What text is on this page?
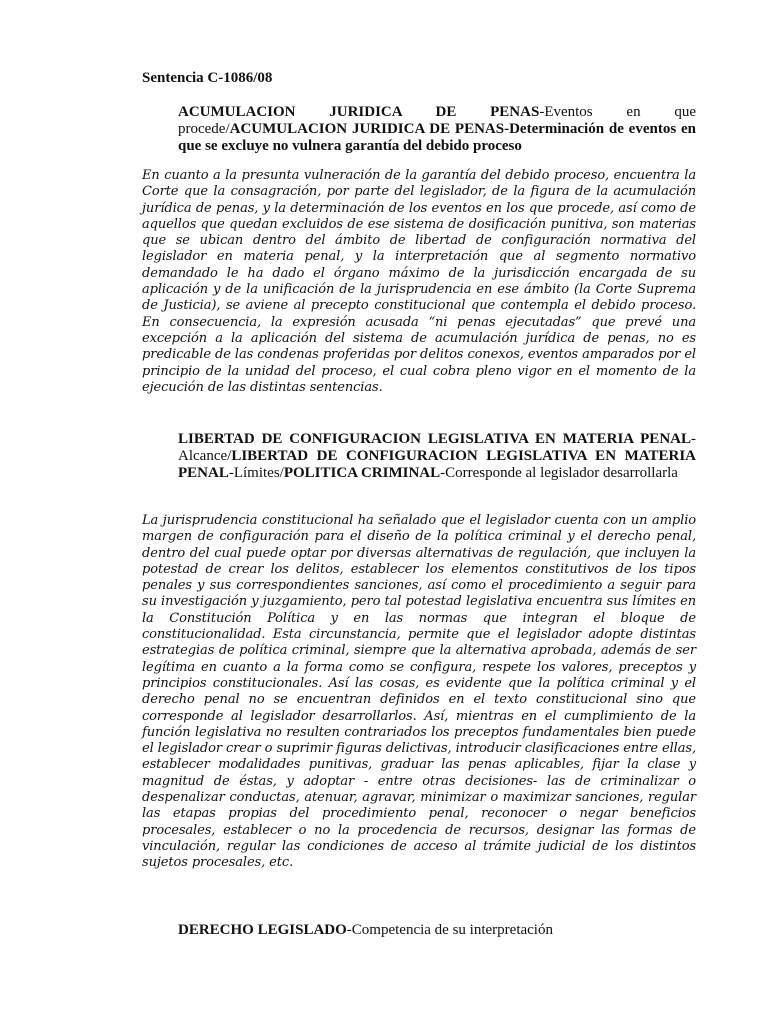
Sentencia C-1086/08

ACUMULACION JURIDICA DE PENAS-Eventos en que procede/ACUMULACION JURIDICA DE PENAS-Determinación de eventos en que se excluye no vulnera garantía del debido proceso

En cuanto a la presunta vulneración de la garantía del debido proceso, encuentra la Corte que la consagración, por parte del legislador, de la figura de la acumulación jurídica de penas, y la determinación de los eventos en los que procede, así como de aquellos que quedan excluidos de ese sistema de dosificación punitiva, son materias que se ubican dentro del ámbito de libertad de configuración normativa del legislador en materia penal, y la interpretación que al segmento normativo demandado le ha dado el órgano máximo de la jurisdicción encargada de su aplicación y de la unificación de la jurisprudencia en ese ámbito (la Corte Suprema de Justicia), se aviene al precepto constitucional que contempla el debido proceso. En consecuencia, la expresión acusada “ni penas ejecutadas” que prevé una excepción a la aplicación del sistema de acumulación jurídica de penas, no es predicable de las condenas proferidas por delitos conexos, eventos amparados por el principio de la unidad del proceso, el cual cobra pleno vigor en el momento de la ejecución de las distintas sentencias.

LIBERTAD DE CONFIGURACION LEGISLATIVA EN MATERIA PENAL-Alcance/LIBERTAD DE CONFIGURACION LEGISLATIVA EN MATERIA PENAL-Límites/POLITICA CRIMINAL-Corresponde al legislador desarrollarla

La jurisprudencia constitucional ha señalado que el legislador cuenta con un amplio margen de configuración para el diseño de la política criminal y el derecho penal, dentro del cual puede optar por diversas alternativas de regulación, que incluyen la potestad de crear los delitos, establecer los elementos constitutivos de los tipos penales y sus correspondientes sanciones, así como el procedimiento a seguir para su investigación y juzgamiento, pero tal potestad legislativa encuentra sus límites en la Constitución Política y en las normas que integran el bloque de constitucionalidad. Esta circunstancia, permite que el legislador adopte distintas estrategias de política criminal, siempre que la alternativa aprobada, además de ser legítima en cuanto a la forma como se configura, respete los valores, preceptos y principios constitucionales. Así las cosas, es evidente que la política criminal y el derecho penal no se encuentran definidos en el texto constitucional sino que corresponde al legislador desarrollarlos. Así, mientras en el cumplimiento de la función legislativa no resulten contrariados los preceptos fundamentales bien puede el legislador crear o suprimir figuras delictivas, introducir clasificaciones entre ellas, establecer modalidades punitivas, graduar las penas aplicables, fijar la clase y magnitud de éstas, y adoptar - entre otras decisiones- las de criminalizar o despenalizar conductas, atenuar, agravar, minimizar o maximizar sanciones, regular las etapas propias del procedimiento penal, reconocer o negar beneficios procesales, establecer o no la procedencia de recursos, designar las formas de vinculación, regular las condiciones de acceso al trámite judicial de los distintos sujetos procesales, etc.

DERECHO LEGISLADO-Competencia de su interpretación
